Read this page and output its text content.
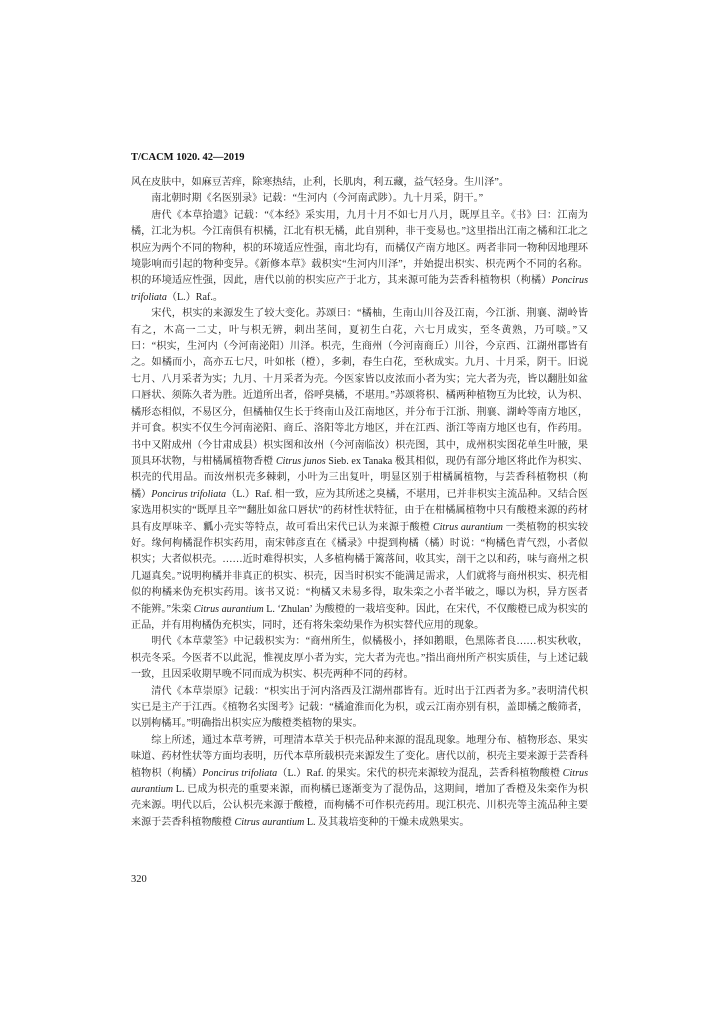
T/CACM 1020. 42—2019

风在皮肤中，如麻豆苦痒，除寒热结，止利，长肌肉，利五藏，益气轻身。生川泽”。

南北朝时期《名医别录》记载：“生河内（今河南武陟）。九十月采，阴干。”

唐代《本草拾遗》记载：“《本经》采实用，九月十月不如七月八月，既厚且辛。《书》曰：江南为橘，江北为枳。今江南俱有枳橘，江北有枳无橘，此自别种，非干变易也。”这里指出江南之橘和江北之枳应为两个不同的物种，枳的环境适应性强，南北均有，而橘仅产南方地区。两者非同一物种因地理环境影响而引起的物种变异。《新修本草》载枳实“生河内川泽”，并始提出枳实、枳壳两个不同的名称。枳的环境适应性强，因此，唐代以前的枳实应产于北方，其来源可能为芸香科植物枳（枸橘）Poncirus trifoliata（L.）Raf.。

宋代，枳实的来源发生了较大变化。苏颂曰：“橘柚，生南山川谷及江南，今江浙、荆襄、湖岭皆有之，木高一二丈，叶与枳无辨，刺出茎间，夏初生白花，六七月成实，至冬黄熟，乃可啖。”又曰：“枳实，生河内（今河南泌阳）川泽。枳壳，生商州（今河南商丘）川谷，今京西、江湖州郡皆有之。如橘而小，高亦五七尺，叶如枨（橙），多刺，春生白花，至秋成实。九月、十月采，阴干。旧说七月、八月采者为实；九月、十月采者为壳。今医家皆以皮浓而小者为实；完大者为壳，皆以翻肚如盆口唇状、须陈久者为胜。近道所出者，俗呼臭橘，不堪用。”苏颂将枳、橘两种植物互为比较，认为枳、橘形态相似，不易区分，但橘柚仅生长于终南山及江南地区，并分布于江浙、荆襄、湖岭等南方地区，并可食。枳实不仅生今河南泌阳、商丘、洛阳等北方地区，并在江西、浙江等南方地区也有，作药用。书中又附成州（今甘肃成县）枳实图和汝州（今河南临汝）枳壳图，其中，成州枳实图花单生叶腋，果顶具环状物，与柑橘属植物香橙 Citrus junos Sieb. ex Tanaka 极其相似，现仍有部分地区将此作为枳实、枳壳的代用品。而汝州枳壳多棘刺，小叶为三出复叶，明显区别于柑橘属植物，与芸香科植物枳（枸橘）Poncirus trifoliata（L.）Raf. 相一致，应为其所述之臭橘，不堪用，已并非枳实主流品种。又结合医家选用枳实的“既厚且辛”“翻肚如盆口唇状”的药材性状特征，由于在柑橘属植物中只有酸橙来源的药材具有皮厚味辛、瓤小壳实等特点，故可看出宋代已认为来源于酸橙 Citrus aurantium 一类植物的枳实较好。缘何枸橘混作枳实药用，南宋韩彦直在《橘录》中提到枸橘（橘）时说：“枸橘色青气烈，小者似枳实；大者似枳壳。……近时难得枳实，人多植枸橘于篱落间，收其实，剖干之以和药，味与商州之枳几逼真矣。”说明枸橘并非真正的枳实、枳壳，因当时枳实不能满足需求，人们就将与商州枳实、枳壳相似的枸橘来伪充枳实药用。该书又说：“枸橘又未易多得，取朱栾之小者半破之，曝以为枳，异方医者不能辨。”朱栾 Citrus aurantium L. ‘Zhulan’ 为酸橙的一栽培变种。因此，在宋代，不仅酸橙已成为枳实的正品，并有用枸橘伪充枳实，同时，还有将朱栾幼果作为枳实替代应用的现象。

明代《本草蒙筌》中记载枳实为：“商州所生，似橘极小，择如鹅眼，色黑陈者良……枳实秋收，枳壳冬采。今医者不以此泥，惟视皮厚小者为实，完大者为壳也。”指出商州所产枳实质佳，与上述记载一致，且因采收期早晚不同而成为枳实、枳壳两种不同的药材。

清代《本草崇原》记载：“枳实出于河内洛西及江湖州郡皆有。近时出于江西者为多。”表明清代枳实已是主产于江西。《植物名实图考》记载：“橘逾淮而化为枳，或云江南亦别有枳，盖即橘之酸筛者，以别枸橘耳。”明确指出枳实应为酸橙类植物的果实。

综上所述，通过本草考辨，可理清本草关于枳壳品种来源的混乱现象。地理分布、植物形态、果实味道、药材性状等方面均表明，历代本草所载枳壳来源发生了变化。唐代以前，枳壳主要来源于芸香科植物枳（枸橘）Poncirus trifoliata（L.）Raf. 的果实。宋代的枳壳来源较为混乱，芸香科植物酸橙 Citrus aurantium L. 已成为枳壳的重要来源，而枸橘已逐渐变为了混伪品，这期间，增加了香橙及朱栾作为枳壳来源。明代以后，公认枳壳来源于酸橙，而枸橘不可作枳壳药用。现江枳壳、川枳壳等主流品种主要来源于芸香科植物酸橙 Citrus aurantium L. 及其栽培变种的干燥未成熟果实。

320
